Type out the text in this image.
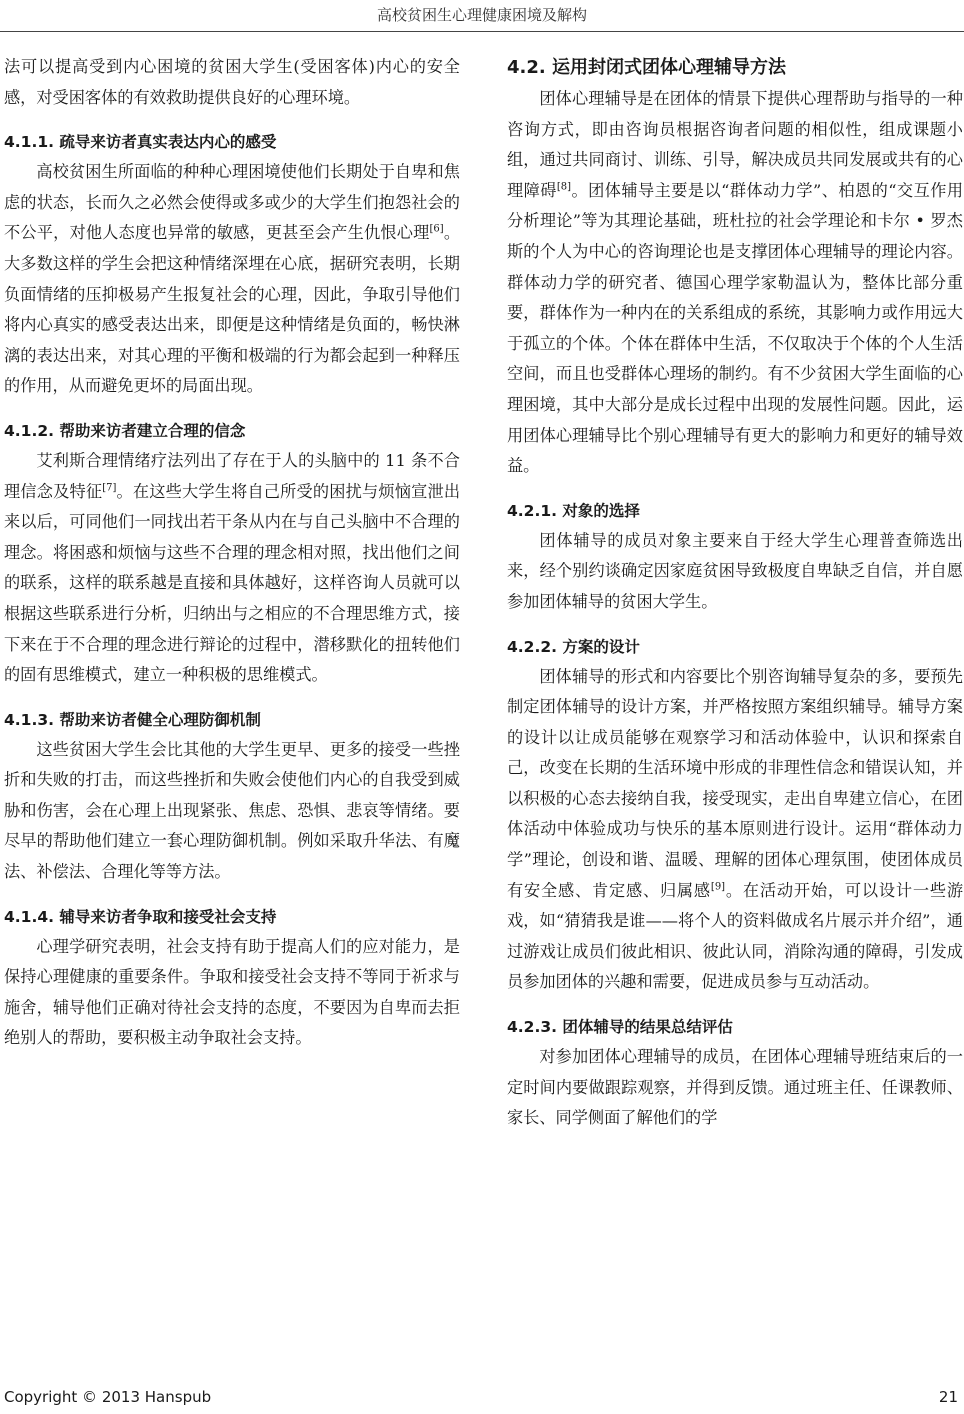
高校贫困生心理健康困境及解构

法可以提高受到内心困境的贫困大学生(受困客体)内心的安全感，对受困客体的有效救助提供良好的心理环境。

4.1.1. 疏导来访者真实表达内心的感受

高校贫困生所面临的种种心理困境使他们长期处于自卑和焦虑的状态，长而久之必然会使得或多或少的大学生们抱怨社会的不公平，对他人态度也异常的敏感，更甚至会产生仇恨心理[6]。大多数这样的学生会把这种情绪深埋在心底，据研究表明，长期负面情绪的压抑极易产生报复社会的心理，因此，争取引导他们将内心真实的感受表达出来，即便是这种情绪是负面的，畅快淋漓的表达出来，对其心理的平衡和极端的行为都会起到一种释压的作用，从而避免更坏的局面出现。

4.1.2. 帮助来访者建立合理的信念

艾利斯合理情绪疗法列出了存在于人的头脑中的 11 条不合理信念及特征[7]。在这些大学生将自己所受的困扰与烦恼宣泄出来以后，可同他们一同找出若干条从内在与自己头脑中不合理的理念。将困惑和烦恼与这些不合理的理念相对照，找出他们之间的联系，这样的联系越是直接和具体越好，这样咨询人员就可以根据这些联系进行分析，归纳出与之相应的不合理思维方式，接下来在于不合理的理念进行辩论的过程中，潜移默化的扭转他们的固有思维模式，建立一种积极的思维模式。

4.1.3. 帮助来访者健全心理防御机制

这些贫困大学生会比其他的大学生更早、更多的接受一些挫折和失败的打击，而这些挫折和失败会使他们内心的自我受到威胁和伤害，会在心理上出现紧张、焦虑、恐惧、悲哀等情绪。要尽早的帮助他们建立一套心理防御机制。例如采取升华法、有魔法、补偿法、合理化等等方法。

4.1.4. 辅导来访者争取和接受社会支持

心理学研究表明，社会支持有助于提高人们的应对能力，是保持心理健康的重要条件。争取和接受社会支持不等同于祈求与施舍，辅导他们正确对待社会支持的态度，不要因为自卑而去拒绝别人的帮助，要积极主动争取社会支持。

4.2. 运用封闭式团体心理辅导方法

团体心理辅导是在团体的情景下提供心理帮助与指导的一种咨询方式，即由咨询员根据咨询者问题的相似性，组成课题小组，通过共同商讨、训练、引导，解决成员共同发展或共有的心理障碍[8]。团体辅导主要是以“群体动力学”、柏恩的“交互作用分析理论”等为其理论基础，班杜拉的社会学理论和卡尔 • 罗杰斯的个人为中心的咨询理论也是支撑团体心理辅导的理论内容。群体动力学的研究者、德国心理学家勒温认为，整体比部分重要，群体作为一种内在的关系组成的系统，其影响力或作用远大于孤立的个体。个体在群体中生活，不仅取决于个体的个人生活空间，而且也受群体心理场的制约。有不少贫困大学生面临的心理困境，其中大部分是成长过程中出现的发展性问题。因此，运用团体心理辅导比个别心理辅导有更大的影响力和更好的辅导效益。

4.2.1. 对象的选择

团体辅导的成员对象主要来自于经大学生心理普查筛选出来，经个别约谈确定因家庭贫困导致极度自卑缺乏自信，并自愿参加团体辅导的贫困大学生。

4.2.2. 方案的设计

团体辅导的形式和内容要比个别咨询辅导复杂的多，要预先制定团体辅导的设计方案，并严格按照方案组织辅导。辅导方案的设计以让成员能够在观察学习和活动体验中，认识和探索自己，改变在长期的生活环境中形成的非理性信念和错误认知，并以积极的心态去接纳自我，接受现实，走出自卑建立信心，在团体活动中体验成功与快乐的基本原则进行设计。运用“群体动力学”理论，创设和谐、温暖、理解的团体心理氛围，使团体成员有安全感、肯定感、归属感[9]。在活动开始，可以设计一些游戏，如“猜猜我是谁——将个人的资料做成名片展示并介绍”，通过游戏让成员们彼此相识、彼此认同，消除沟通的障碍，引发成员参加团体的兴趣和需要，促进成员参与互动活动。

4.2.3. 团体辅导的结果总结评估

对参加团体心理辅导的成员，在团体心理辅导班结束后的一定时间内要做跟踪观察，并得到反馈。通过班主任、任课教师、家长、同学侧面了解他们的学

Copyright © 2013 Hanspub	21
